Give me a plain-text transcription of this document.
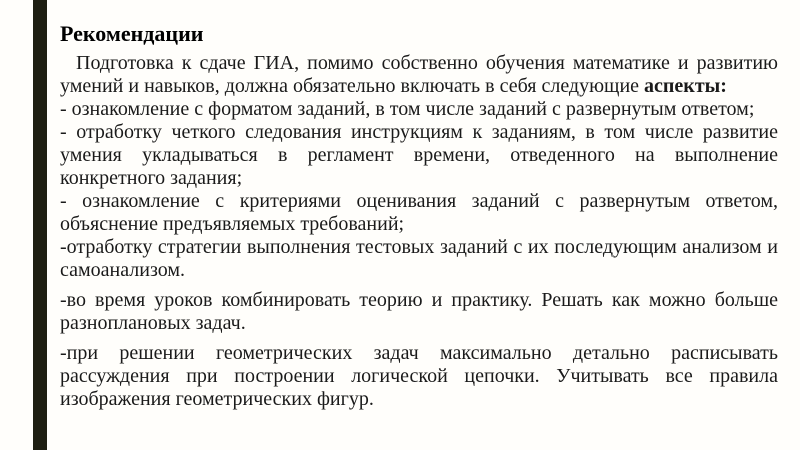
Рекомендации

Подготовка к сдаче ГИА, помимо собственно обучения математике и развитию умений и навыков, должна обязательно включать в себя следующие аспекты:

- ознакомление с форматом заданий, в том числе заданий с развернутым ответом;

- отработку четкого следования инструкциям к заданиям, в том числе развитие умения укладываться в регламент времени, отведенного на выполнение конкретного задания;

- ознакомление с критериями оценивания заданий с развернутым ответом, объяснение предъявляемых требований;

-отработку стратегии выполнения тестовых заданий с их последующим анализом и самоанализом.

-во время уроков комбинировать теорию и практику. Решать как можно больше разноплановых задач.

-при решении геометрических задач максимально детально расписывать рассуждения при построении логической цепочки. Учитывать все правила изображения геометрических фигур.
